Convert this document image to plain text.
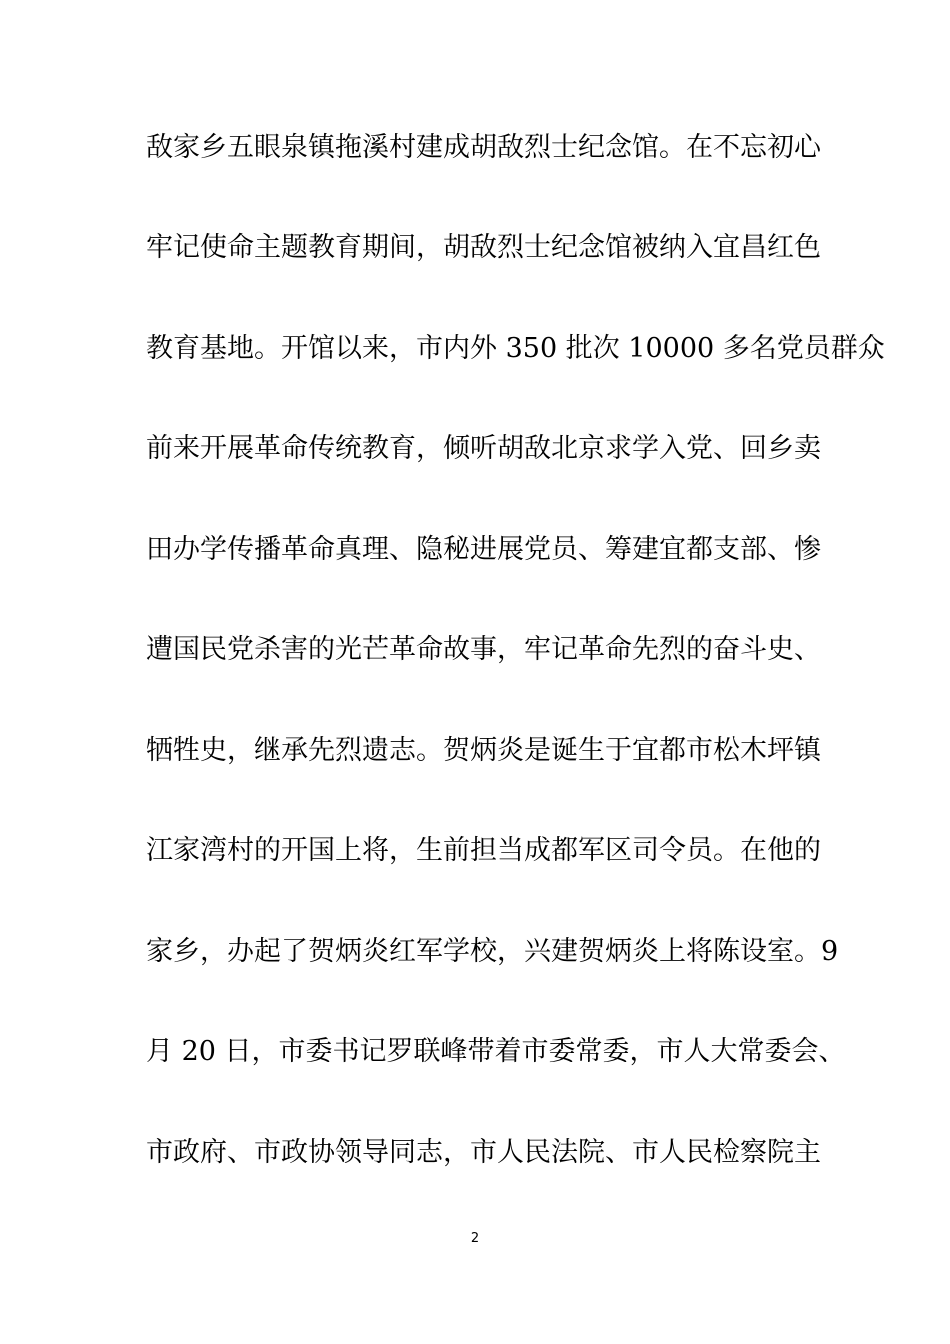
敌家乡五眼泉镇拖溪村建成胡敌烈士纪念馆。在不忘初心
牢记使命主题教育期间，胡敌烈士纪念馆被纳入宜昌红色
教育基地。开馆以来，市内外 350 批次 10000 多名党员群众
前来开展革命传统教育，倾听胡敌北京求学入党、回乡卖
田办学传播革命真理、隐秘进展党员、筹建宜都支部、惨
遭国民党杀害的光芒革命故事，牢记革命先烈的奋斗史、
牺牲史，继承先烈遗志。贺炳炎是诞生于宜都市松木坪镇
江家湾村的开国上将，生前担当成都军区司令员。在他的
家乡，办起了贺炳炎红军学校，兴建贺炳炎上将陈设室。9
月 20 日，市委书记罗联峰带着市委常委，市人大常委会、
市政府、市政协领导同志，市人民法院、市人民检察院主
2
